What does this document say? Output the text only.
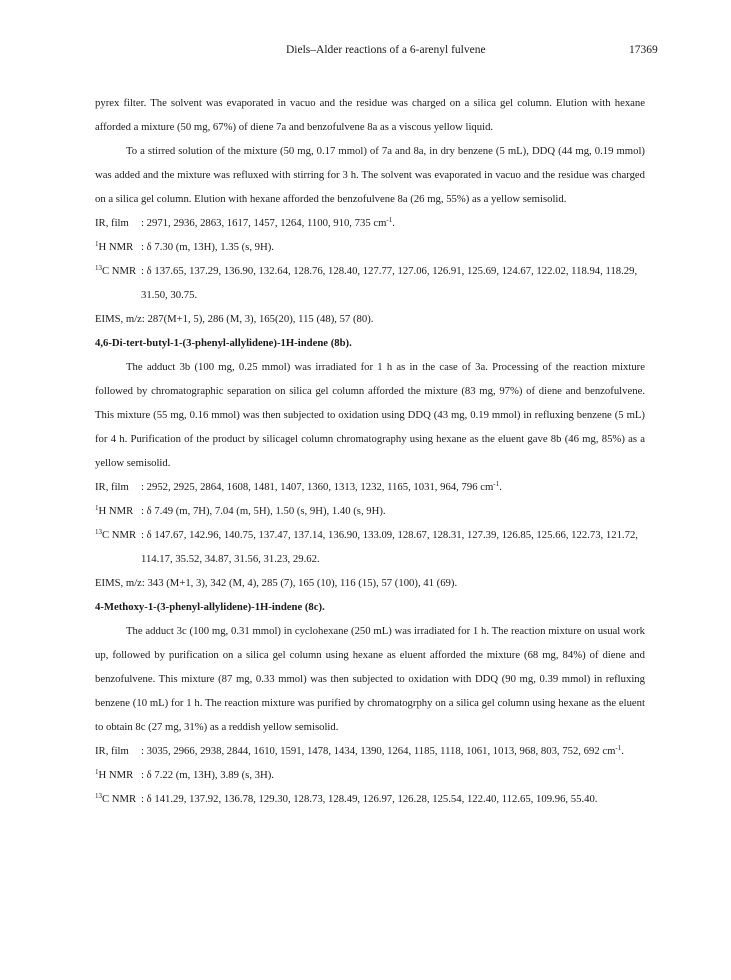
Diels–Alder reactions of a 6-arenyl fulvene	17369

pyrex filter. The solvent was evaporated in vacuo and the residue was charged on a silica gel column. Elution with hexane afforded a mixture (50 mg, 67%) of diene 7a and benzofulvene 8a as a viscous yellow liquid.

To a stirred solution of the mixture (50 mg, 0.17 mmol) of 7a and 8a, in dry benzene (5 mL), DDQ (44 mg, 0.19 mmol) was added and the mixture was refluxed with stirring for 3 h. The solvent was evaporated in vacuo and the residue was charged on a silica gel column. Elution with hexane afforded the benzofulvene 8a (26 mg, 55%) as a yellow semisolid.

IR, film	: 2971, 2936, 2863, 1617, 1457, 1264, 1100, 910, 735 $cm^{-1}$.
$^1$H NMR : δ 7.30 (m, 13H), 1.35 (s, 9H).
$^{13}$C NMR : δ 137.65, 137.29, 136.90, 132.64, 128.76, 128.40, 127.77, 127.06, 126.91, 125.69, 124.67, 122.02, 118.94, 118.29, 31.50, 30.75.
EIMS, m/z : 287(M+1, 5), 286 (M, 3), 165(20), 115 (48), 57 (80).

4,6-Di-tert-butyl-1-(3-phenyl-allylidene)-1H-indene (8b).

The adduct 3b (100 mg, 0.25 mmol) was irradiated for 1 h as in the case of 3a. Processing of the reaction mixture followed by chromatographic separation on silica gel column afforded the mixture (83 mg, 97%) of diene and benzofulvene. This mixture (55 mg, 0.16 mmol) was then subjected to oxidation using DDQ (43 mg, 0.19 mmol) in refluxing benzene (5 mL) for 4 h. Purification of the product by silicagel column chromatography using hexane as the eluent gave 8b (46 mg, 85%) as a yellow semisolid.

IR, film	: 2952, 2925, 2864, 1608, 1481, 1407, 1360, 1313, 1232, 1165, 1031, 964, 796 $cm^{-1}$.
$^1$H NMR : δ 7.49 (m, 7H), 7.04 (m, 5H), 1.50 (s, 9H), 1.40 (s, 9H).
$^{13}$C NMR : δ 147.67, 142.96, 140.75, 137.47, 137.14, 136.90, 133.09, 128.67, 128.31, 127.39, 126.85, 125.66, 122.73, 121.72, 114.17, 35.52, 34.87, 31.56, 31.23, 29.62.
EIMS, m/z : 343 (M+1, 3), 342 (M, 4), 285 (7), 165 (10), 116 (15), 57 (100), 41 (69).

4-Methoxy-1-(3-phenyl-allylidene)-1H-indene (8c).

The adduct 3c (100 mg, 0.31 mmol) in cyclohexane (250 mL) was irradiated for 1 h. The reaction mixture on usual work up, followed by purification on a silica gel column using hexane as eluent afforded the mixture (68 mg, 84%) of diene and benzofulvene. This mixture (87 mg, 0.33 mmol) was then subjected to oxidation with DDQ (90 mg, 0.39 mmol) in refluxing benzene (10 mL) for 1 h. The reaction mixture was purified by chromatogrphy on a silica gel column using hexane as the eluent to obtain 8c (27 mg, 31%) as a reddish yellow semisolid.

IR, film	: 3035, 2966, 2938, 2844, 1610, 1591, 1478, 1434, 1390, 1264, 1185, 1118, 1061, 1013, 968, 803, 752, 692 $cm^{-1}$.
$^1$H NMR : δ 7.22 (m, 13H), 3.89 (s, 3H).
$^{13}$C NMR : δ 141.29, 137.92, 136.78, 129.30, 128.73, 128.49, 126.97, 126.28, 125.54, 122.40, 112.65, 109.96, 55.40.
